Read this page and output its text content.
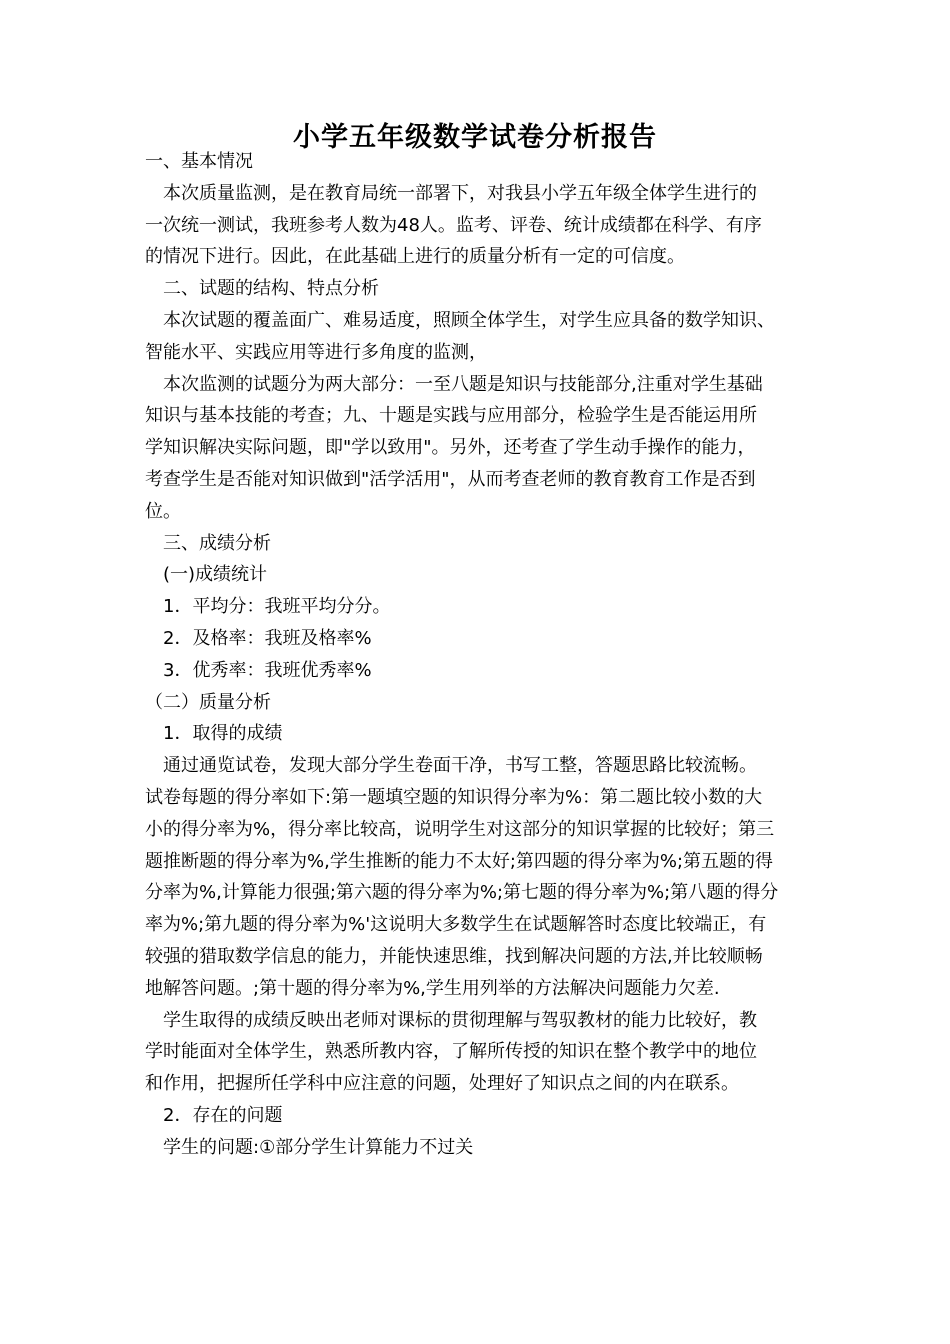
小学五年级数学试卷分析报告
一、基本情况
本次质量监测，是在教育局统一部署下，对我县小学五年级全体学生进行的
一次统一测试，我班参考人数为48人。监考、评卷、统计成绩都在科学、有序
的情况下进行。因此，在此基础上进行的质量分析有一定的可信度。
二、试题的结构、特点分析
本次试题的覆盖面广、难易适度，照顾全体学生，对学生应具备的数学知识、
智能水平、实践应用等进行多角度的监测，
本次监测的试题分为两大部分：一至八题是知识与技能部分,注重对学生基础
知识与基本技能的考查；九、十题是实践与应用部分，检验学生是否能运用所
学知识解决实际问题，即"学以致用"。另外，还考查了学生动手操作的能力，
考查学生是否能对知识做到"活学活用"，从而考查老师的教育教育工作是否到
位。
三、成绩分析
(一)成绩统计
1．平均分：我班平均分分。
2．及格率：我班及格率%
3．优秀率：我班优秀率%
（二）质量分析
1．取得的成绩
通过通览试卷，发现大部分学生卷面干净，书写工整，答题思路比较流畅。
试卷每题的得分率如下:第一题填空题的知识得分率为%：第二题比较小数的大
小的得分率为%，得分率比较高，说明学生对这部分的知识掌握的比较好；第三
题推断题的得分率为%,学生推断的能力不太好;第四题的得分率为%;第五题的得
分率为%,计算能力很强;第六题的得分率为%;第七题的得分率为%;第八题的得分
率为%;第九题的得分率为%'这说明大多数学生在试题解答时态度比较端正，有
较强的猎取数学信息的能力，并能快速思维，找到解决问题的方法,并比较顺畅
地解答问题。;第十题的得分率为%,学生用列举的方法解决问题能力欠差.
学生取得的成绩反映出老师对课标的贯彻理解与驾驭教材的能力比较好，教
学时能面对全体学生，熟悉所教内容，了解所传授的知识在整个教学中的地位
和作用，把握所任学科中应注意的问题，处理好了知识点之间的内在联系。
2．存在的问题
学生的问题:①部分学生计算能力不过关
